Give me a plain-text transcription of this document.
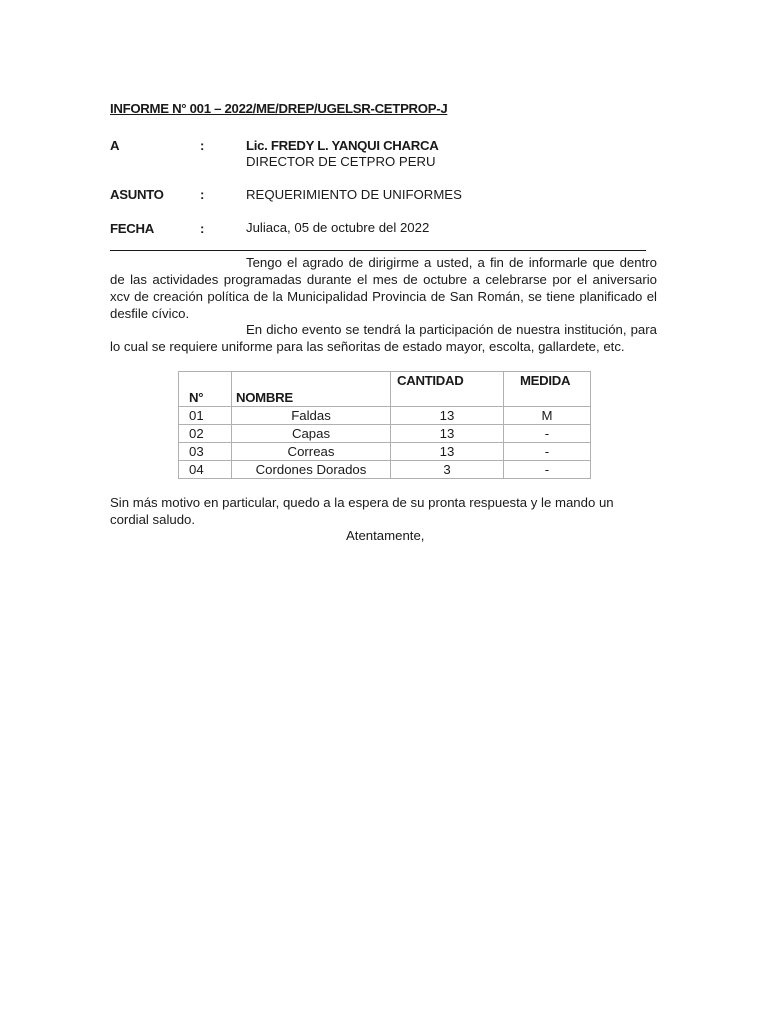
INFORME N° 001 – 2022/ME/DREP/UGELSR-CETPROP-J
A	:	Lic. FREDY L. YANQUI CHARCA
DIRECTOR DE CETPRO PERU
ASUNTO	:	REQUERIMIENTO DE UNIFORMES
FECHA	:	Juliaca, 05 de octubre del 2022
Tengo el agrado de dirigirme a usted, a fin de informarle que dentro de las actividades programadas durante el mes de octubre a celebrarse por el aniversario xcv de creación política de la Municipalidad Provincia de San Román, se tiene planificado el desfile cívico.
En dicho evento se tendrá la participación de nuestra institución, para lo cual se requiere uniforme para las señoritas de estado mayor, escolta, gallardete, etc.
N°	NOMBRE	CANTIDAD	MEDIDA
01	Faldas	13	M
02	Capas	13	-
03	Correas	13	-
04	Cordones Dorados	3	-
Sin más motivo en particular, quedo a la espera de su pronta respuesta y le mando un cordial saludo.
Atentamente,
